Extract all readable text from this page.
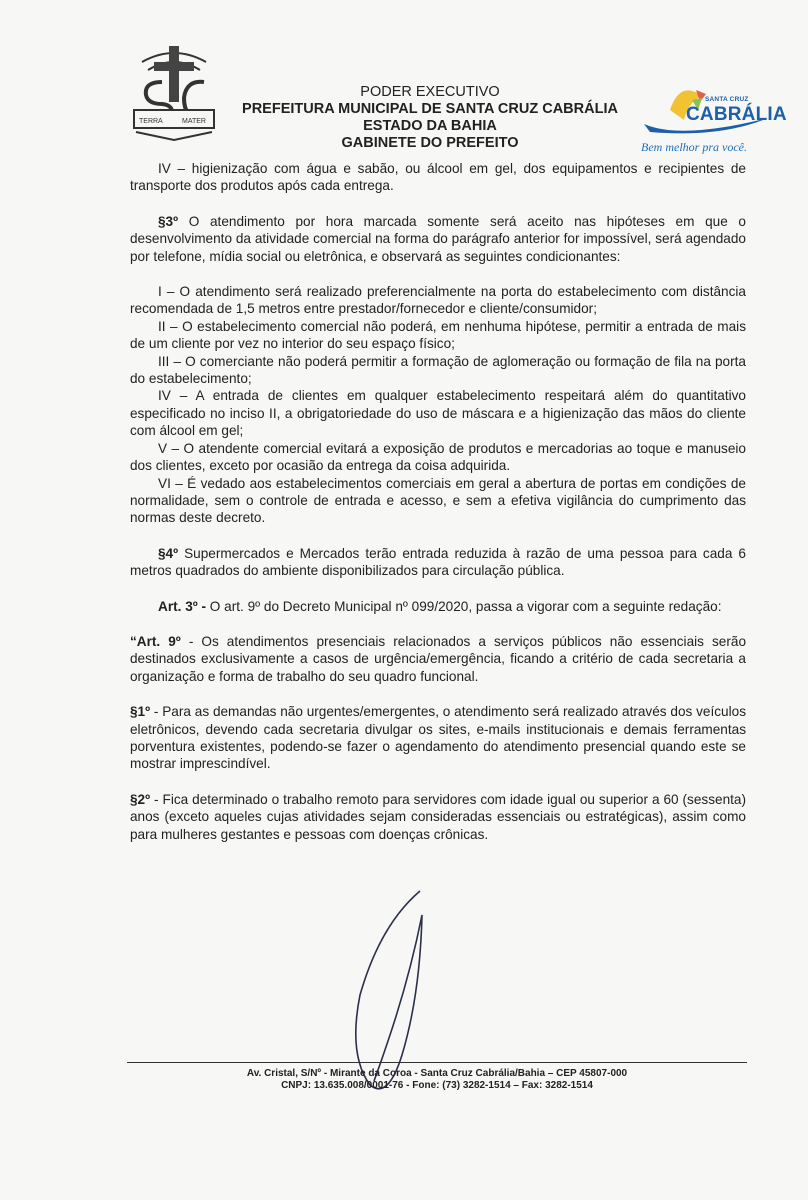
TERRA	MATER
PODER EXECUTIVO
PREFEITURA MUNICIPAL DE SANTA CRUZ CABRÁLIA
ESTADO DA BAHIA
GABINETE DO PREFEITO
SANTA CRUZ
CABRÁLIA
Bem melhor pra você.

IV – higienização com água e sabão, ou álcool em gel, dos equipamentos e recipientes de transporte dos produtos após cada entrega.

§3º O atendimento por hora marcada somente será aceito nas hipóteses em que o desenvolvimento da atividade comercial na forma do parágrafo anterior for impossível, será agendado por telefone, mídia social ou eletrônica, e observará as seguintes condicionantes:

I – O atendimento será realizado preferencialmente na porta do estabelecimento com distância recomendada de 1,5 metros entre prestador/fornecedor e cliente/consumidor;

II – O estabelecimento comercial não poderá, em nenhuma hipótese, permitir a entrada de mais de um cliente por vez no interior do seu espaço físico;

III – O comerciante não poderá permitir a formação de aglomeração ou formação de fila na porta do estabelecimento;

IV – A entrada de clientes em qualquer estabelecimento respeitará além do quantitativo especificado no inciso II, a obrigatoriedade do uso de máscara e a higienização das mãos do cliente com álcool em gel;

V – O atendente comercial evitará a exposição de produtos e mercadorias ao toque e manuseio dos clientes, exceto por ocasião da entrega da coisa adquirida.

VI – É vedado aos estabelecimentos comerciais em geral a abertura de portas em condições de normalidade, sem o controle de entrada e acesso, e sem a efetiva vigilância do cumprimento das normas deste decreto.

§4º Supermercados e Mercados terão entrada reduzida à razão de uma pessoa para cada 6 metros quadrados do ambiente disponibilizados para circulação pública.

Art. 3º - O art. 9º do Decreto Municipal nº 099/2020, passa a vigorar com a seguinte redação:

“Art. 9º - Os atendimentos presenciais relacionados a serviços públicos não essenciais serão destinados exclusivamente a casos de urgência/emergência, ficando a critério de cada secretaria a organização e forma de trabalho do seu quadro funcional.

§1º - Para as demandas não urgentes/emergentes, o atendimento será realizado através dos veículos eletrônicos, devendo cada secretaria divulgar os sites, e-mails institucionais e demais ferramentas porventura existentes, podendo-se fazer o agendamento do atendimento presencial quando este se mostrar imprescindível.

§2º - Fica determinado o trabalho remoto para servidores com idade igual ou superior a 60 (sessenta) anos (exceto aqueles cujas atividades sejam consideradas essenciais ou estratégicas), assim como para mulheres gestantes e pessoas com doenças crônicas.

Av. Cristal, S/Nº - Mirante da Coroa - Santa Cruz Cabrália/Bahia – CEP 45807-000
CNPJ: 13.635.008/0001-76 - Fone: (73) 3282-1514 – Fax: 3282-1514
